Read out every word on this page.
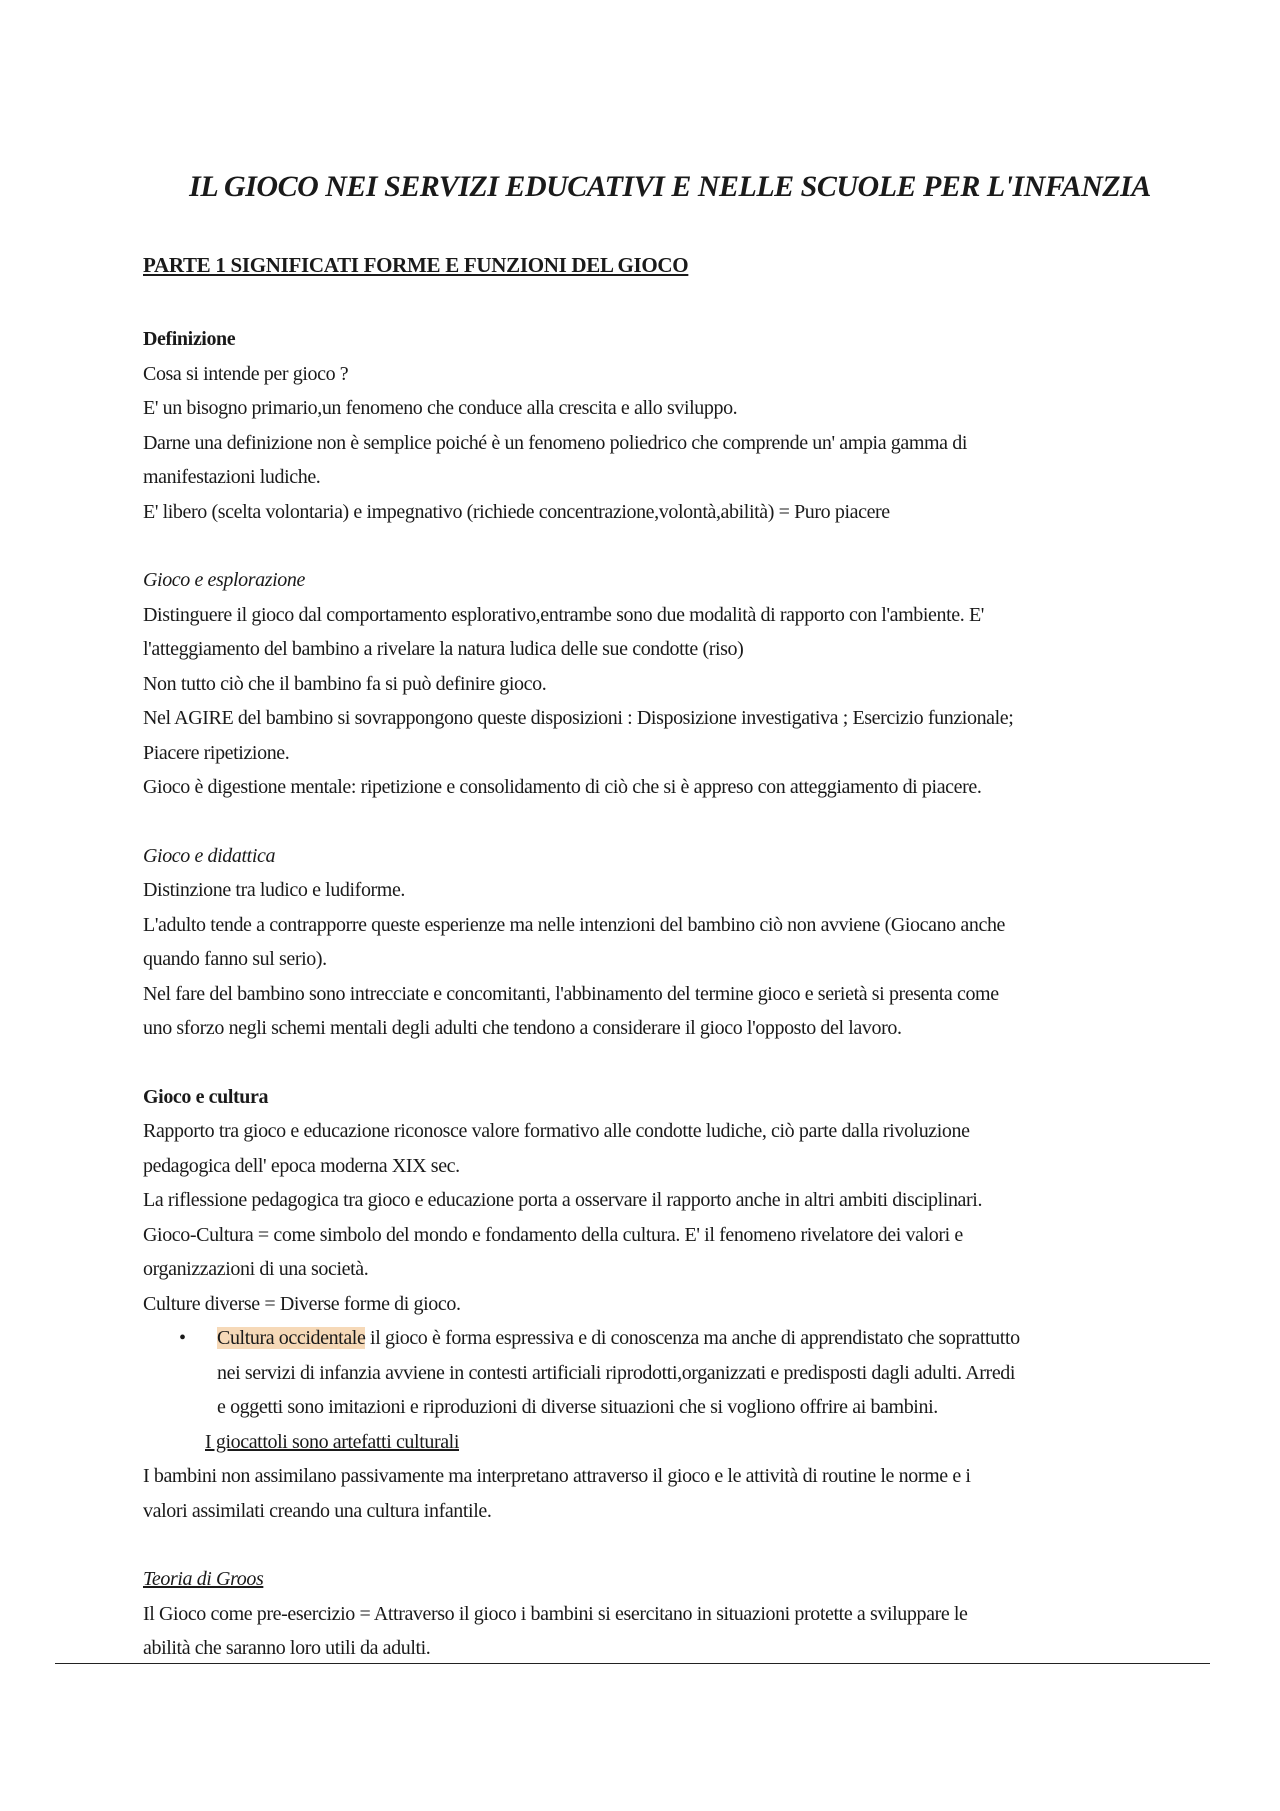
IL GIOCO NEI SERVIZI EDUCATIVI E NELLE SCUOLE PER L'INFANZIA
PARTE 1 SIGNIFICATI FORME E FUNZIONI DEL GIOCO

Definizione

Cosa si intende per gioco ?

E' un bisogno primario,un fenomeno che conduce alla crescita e allo sviluppo.

Darne una definizione non è semplice poiché è un fenomeno poliedrico che comprende un' ampia gamma di

manifestazioni ludiche.

E' libero (scelta volontaria) e impegnativo (richiede concentrazione,volontà,abilità) = Puro piacere

Gioco e esplorazione

Distinguere il gioco dal comportamento esplorativo,entrambe sono due modalità di rapporto con l'ambiente. E'

l'atteggiamento del bambino a rivelare la natura ludica delle sue condotte (riso)

Non tutto ciò che il bambino fa si può definire gioco.

Nel AGIRE del bambino si sovrappongono queste disposizioni : Disposizione investigativa ; Esercizio funzionale;

Piacere ripetizione.

Gioco è digestione mentale: ripetizione e consolidamento di ciò che si è appreso con atteggiamento di piacere.

Gioco e didattica

Distinzione tra ludico e ludiforme.

L'adulto tende a contrapporre queste esperienze ma nelle intenzioni del bambino ciò non avviene (Giocano anche

quando fanno sul serio).

Nel fare del bambino sono intrecciate e concomitanti, l'abbinamento del termine gioco e serietà si presenta come

uno sforzo negli schemi mentali degli adulti che tendono a considerare il gioco l'opposto del lavoro.

Gioco e cultura

Rapporto tra gioco e educazione riconosce valore formativo alle condotte ludiche, ciò parte dalla rivoluzione

pedagogica dell' epoca moderna XIX sec.

La riflessione pedagogica tra gioco e educazione porta a osservare il rapporto anche in altri ambiti disciplinari.

Gioco-Cultura = come simbolo del mondo e fondamento della cultura. E' il fenomeno rivelatore dei valori e

organizzazioni di una società.

Culture diverse = Diverse forme di gioco.

• Cultura occidentale il gioco è forma espressiva e di conoscenza ma anche di apprendistato che soprattutto

nei servizi di infanzia avviene in contesti artificiali riprodotti,organizzati e predisposti dagli adulti. Arredi

e oggetti sono imitazioni e riproduzioni di diverse situazioni che si vogliono offrire ai bambini.

I giocattoli sono artefatti culturali

I bambini non assimilano passivamente ma interpretano attraverso il gioco e le attività di routine le norme e i

valori assimilati creando una cultura infantile.

Teoria di Groos

Il Gioco come pre-esercizio = Attraverso il gioco i bambini si esercitano in situazioni protette a sviluppare le

abilità che saranno loro utili da adulti.
